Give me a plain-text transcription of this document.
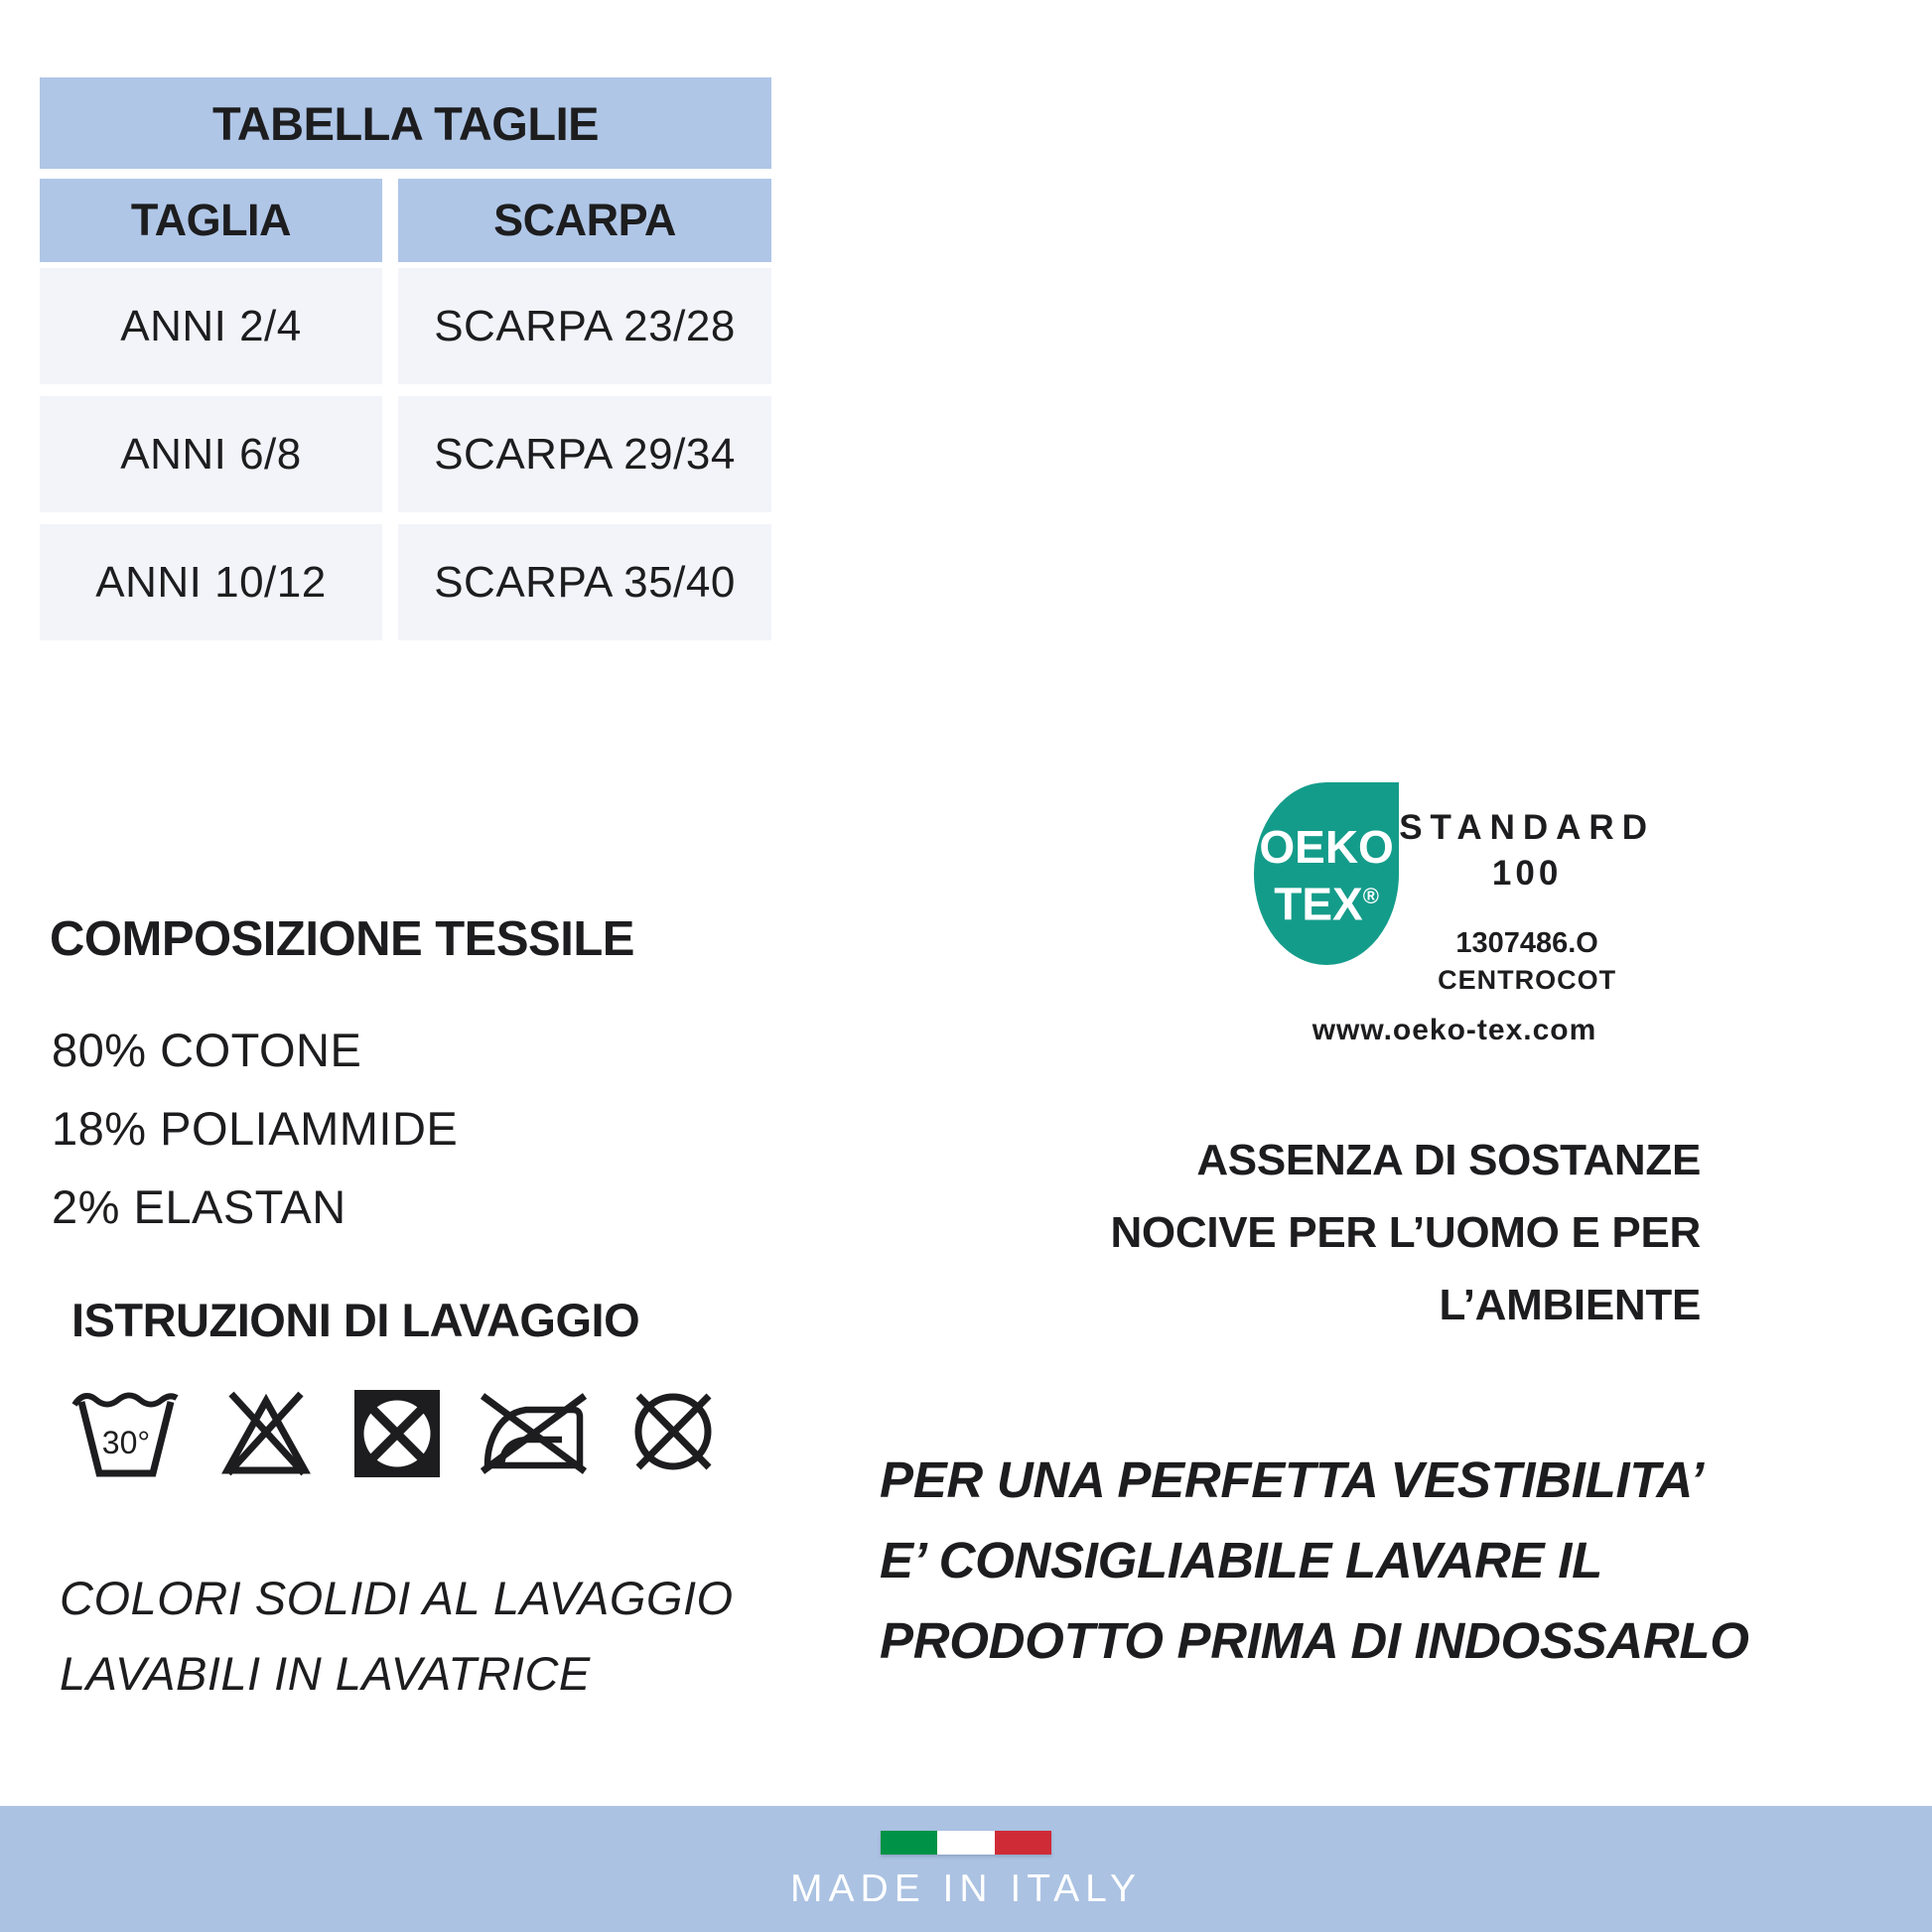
TABELLA TAGLIE
TAGLIA	SCARPA
ANNI 2/4	SCARPA 23/28
ANNI 6/8	SCARPA 29/34
ANNI 10/12	SCARPA 35/40
COMPOSIZIONE TESSILE
80% COTONE
18% POLIAMMIDE
2% ELASTAN
ISTRUZIONI DI LAVAGGIO
30°
COLORI SOLIDI AL LAVAGGIO
LAVABILI IN LAVATRICE
OEKO
TEX®
STANDARD
100
1307486.O
CENTROCOT
www.oeko-tex.com
ASSENZA DI SOSTANZE
NOCIVE PER L’UOMO E PER
L’AMBIENTE
PER UNA PERFETTA VESTIBILITA’
E’ CONSIGLIABILE LAVARE IL
PRODOTTO PRIMA DI INDOSSARLO
MADE IN ITALY
